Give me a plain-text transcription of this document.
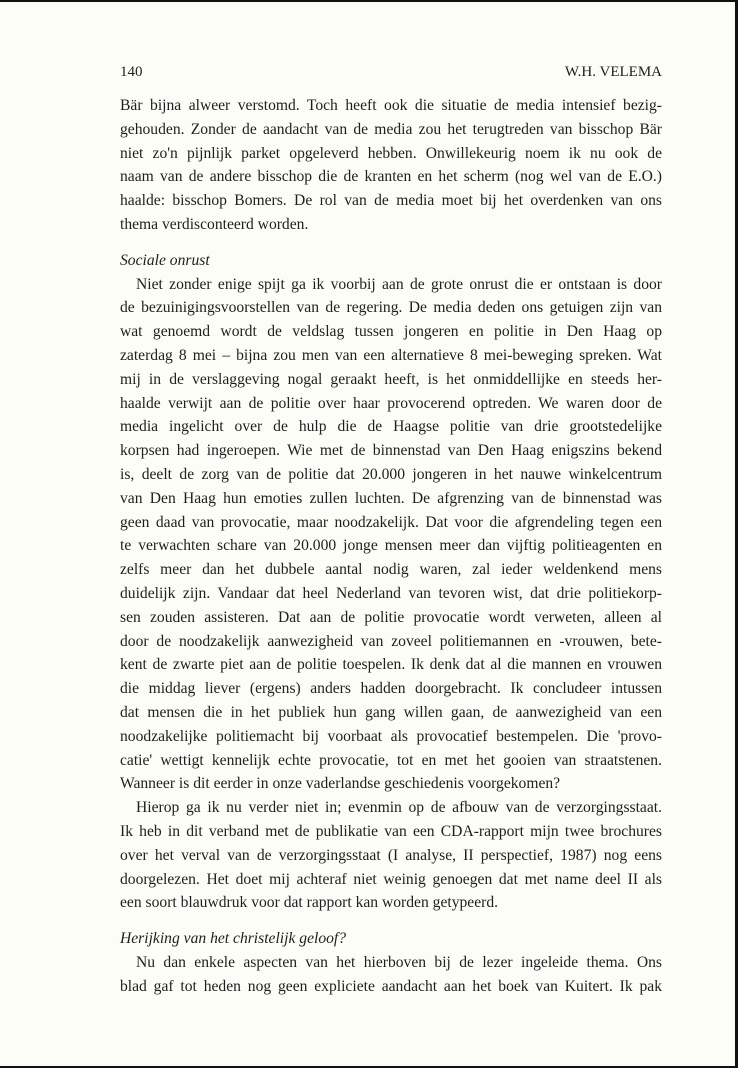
140	W.H. VELEMA
Bär bijna alweer verstomd. Toch heeft ook die situatie de media intensief bezig-
gehouden. Zonder de aandacht van de media zou het terugtreden van bisschop Bär
niet zo'n pijnlijk parket opgeleverd hebben. Onwillekeurig noem ik nu ook de
naam van de andere bisschop die de kranten en het scherm (nog wel van de E.O.)
haalde: bisschop Bomers. De rol van de media moet bij het overdenken van ons
thema verdisconteerd worden.
Sociale onrust
Niet zonder enige spijt ga ik voorbij aan de grote onrust die er ontstaan is door
de bezuinigingsvoorstellen van de regering. De media deden ons getuigen zijn van
wat genoemd wordt de veldslag tussen jongeren en politie in Den Haag op
zaterdag 8 mei – bijna zou men van een alternatieve 8 mei-beweging spreken. Wat
mij in de verslaggeving nogal geraakt heeft, is het onmiddellijke en steeds her-
haalde verwijt aan de politie over haar provocerend optreden. We waren door de
media ingelicht over de hulp die de Haagse politie van drie grootstedelijke
korpsen had ingeroepen. Wie met de binnenstad van Den Haag enigszins bekend
is, deelt de zorg van de politie dat 20.000 jongeren in het nauwe winkelcentrum
van Den Haag hun emoties zullen luchten. De afgrenzing van de binnenstad was
geen daad van provocatie, maar noodzakelijk. Dat voor die afgrendeling tegen een
te verwachten schare van 20.000 jonge mensen meer dan vijftig politieagenten en
zelfs meer dan het dubbele aantal nodig waren, zal ieder weldenkend mens
duidelijk zijn. Vandaar dat heel Nederland van tevoren wist, dat drie politiekorp-
sen zouden assisteren. Dat aan de politie provocatie wordt verweten, alleen al
door de noodzakelijk aanwezigheid van zoveel politiemannen en -vrouwen, bete-
kent de zwarte piet aan de politie toespelen. Ik denk dat al die mannen en vrouwen
die middag liever (ergens) anders hadden doorgebracht. Ik concludeer intussen
dat mensen die in het publiek hun gang willen gaan, de aanwezigheid van een
noodzakelijke politiemacht bij voorbaat als provocatief bestempelen. Die 'provo-
catie' wettigt kennelijk echte provocatie, tot en met het gooien van straatstenen.
Wanneer is dit eerder in onze vaderlandse geschiedenis voorgekomen?
Hierop ga ik nu verder niet in; evenmin op de afbouw van de verzorgingsstaat.
Ik heb in dit verband met de publikatie van een CDA-rapport mijn twee brochures
over het verval van de verzorgingsstaat (I analyse, II perspectief, 1987) nog eens
doorgelezen. Het doet mij achteraf niet weinig genoegen dat met name deel II als
een soort blauwdruk voor dat rapport kan worden getypeerd.
Herijking van het christelijk geloof?
Nu dan enkele aspecten van het hierboven bij de lezer ingeleide thema. Ons
blad gaf tot heden nog geen expliciete aandacht aan het boek van Kuitert. Ik pak
